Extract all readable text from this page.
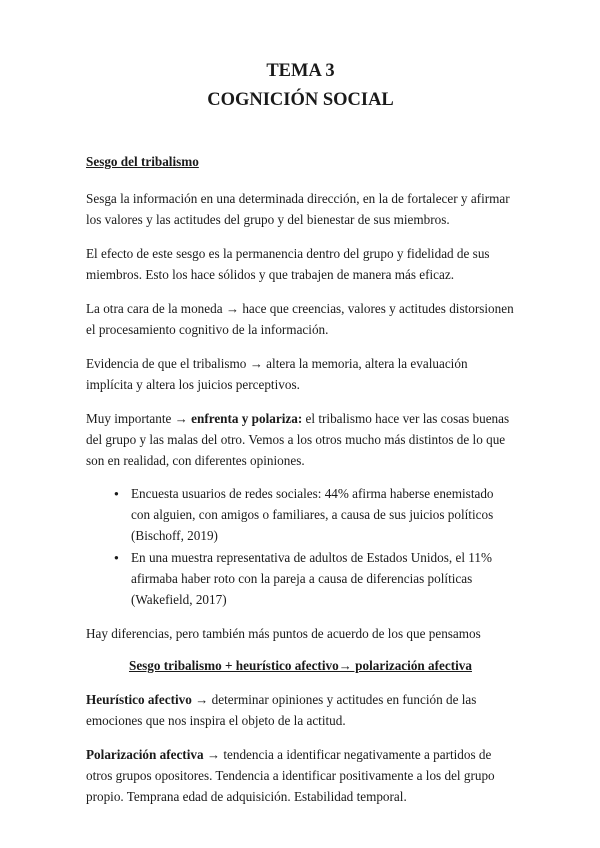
TEMA 3
COGNICIÓN SOCIAL
Sesgo del tribalismo

Sesga la información en una determinada dirección, en la de fortalecer y afirmar los valores y las actitudes del grupo y del bienestar de sus miembros.

El efecto de este sesgo es la permanencia dentro del grupo y fidelidad de sus miembros. Esto los hace sólidos y que trabajen de manera más eficaz.

La otra cara de la moneda → hace que creencias, valores y actitudes distorsionen el procesamiento cognitivo de la información.

Evidencia de que el tribalismo → altera la memoria, altera la evaluación implícita y altera los juicios perceptivos.

Muy importante → enfrenta y polariza: el tribalismo hace ver las cosas buenas del grupo y las malas del otro. Vemos a los otros mucho más distintos de lo que son en realidad, con diferentes opiniones.

● Encuesta usuarios de redes sociales: 44% afirma haberse enemistado con alguien, con amigos o familiares, a causa de sus juicios políticos (Bischoff, 2019)
● En una muestra representativa de adultos de Estados Unidos, el 11% afirmaba haber roto con la pareja a causa de diferencias políticas (Wakefield, 2017)

Hay diferencias, pero también más puntos de acuerdo de los que pensamos

Sesgo tribalismo + heurístico afectivo→ polarización afectiva

Heurístico afectivo → determinar opiniones y actitudes en función de las emociones que nos inspira el objeto de la actitud.

Polarización afectiva → tendencia a identificar negativamente a partidos de otros grupos opositores. Tendencia a identificar positivamente a los del grupo propio. Temprana edad de adquisición. Estabilidad temporal.
